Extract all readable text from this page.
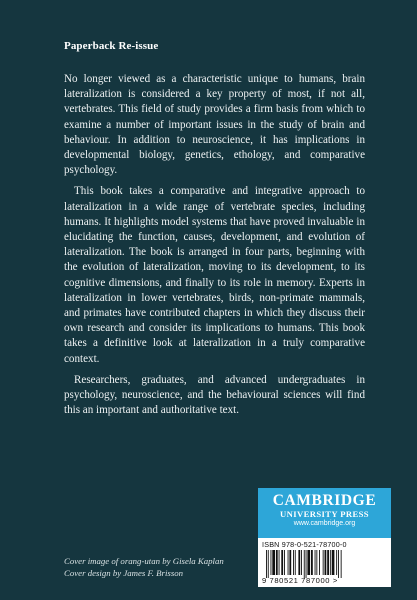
Paperback Re-issue

No longer viewed as a characteristic unique to humans, brain lateralization is considered a key property of most, if not all, vertebrates. This field of study provides a firm basis from which to examine a number of important issues in the study of brain and behaviour. In addition to neuroscience, it has implications in developmental biology, genetics, ethology, and comparative psychology.

This book takes a comparative and integrative approach to lateralization in a wide range of vertebrate species, including humans. It highlights model systems that have proved invaluable in elucidating the function, causes, development, and evolution of lateralization. The book is arranged in four parts, beginning with the evolution of lateralization, moving to its development, to its cognitive dimensions, and finally to its role in memory. Experts in lateralization in lower vertebrates, birds, non-primate mammals, and primates have contributed chapters in which they discuss their own research and consider its implications to humans. This book takes a definitive look at lateralization in a truly comparative context.

Researchers, graduates, and advanced undergraduates in psychology, neuroscience, and the behavioural sciences will find this an important and authoritative text.

Cover image of orang-utan by Gisela Kaplan
Cover design by James F. Brisson
CAMBRIDGE
UNIVERSITY PRESS
www.cambridge.org
ISBN 978-0-521-78700-0
9 780521 787000 >
